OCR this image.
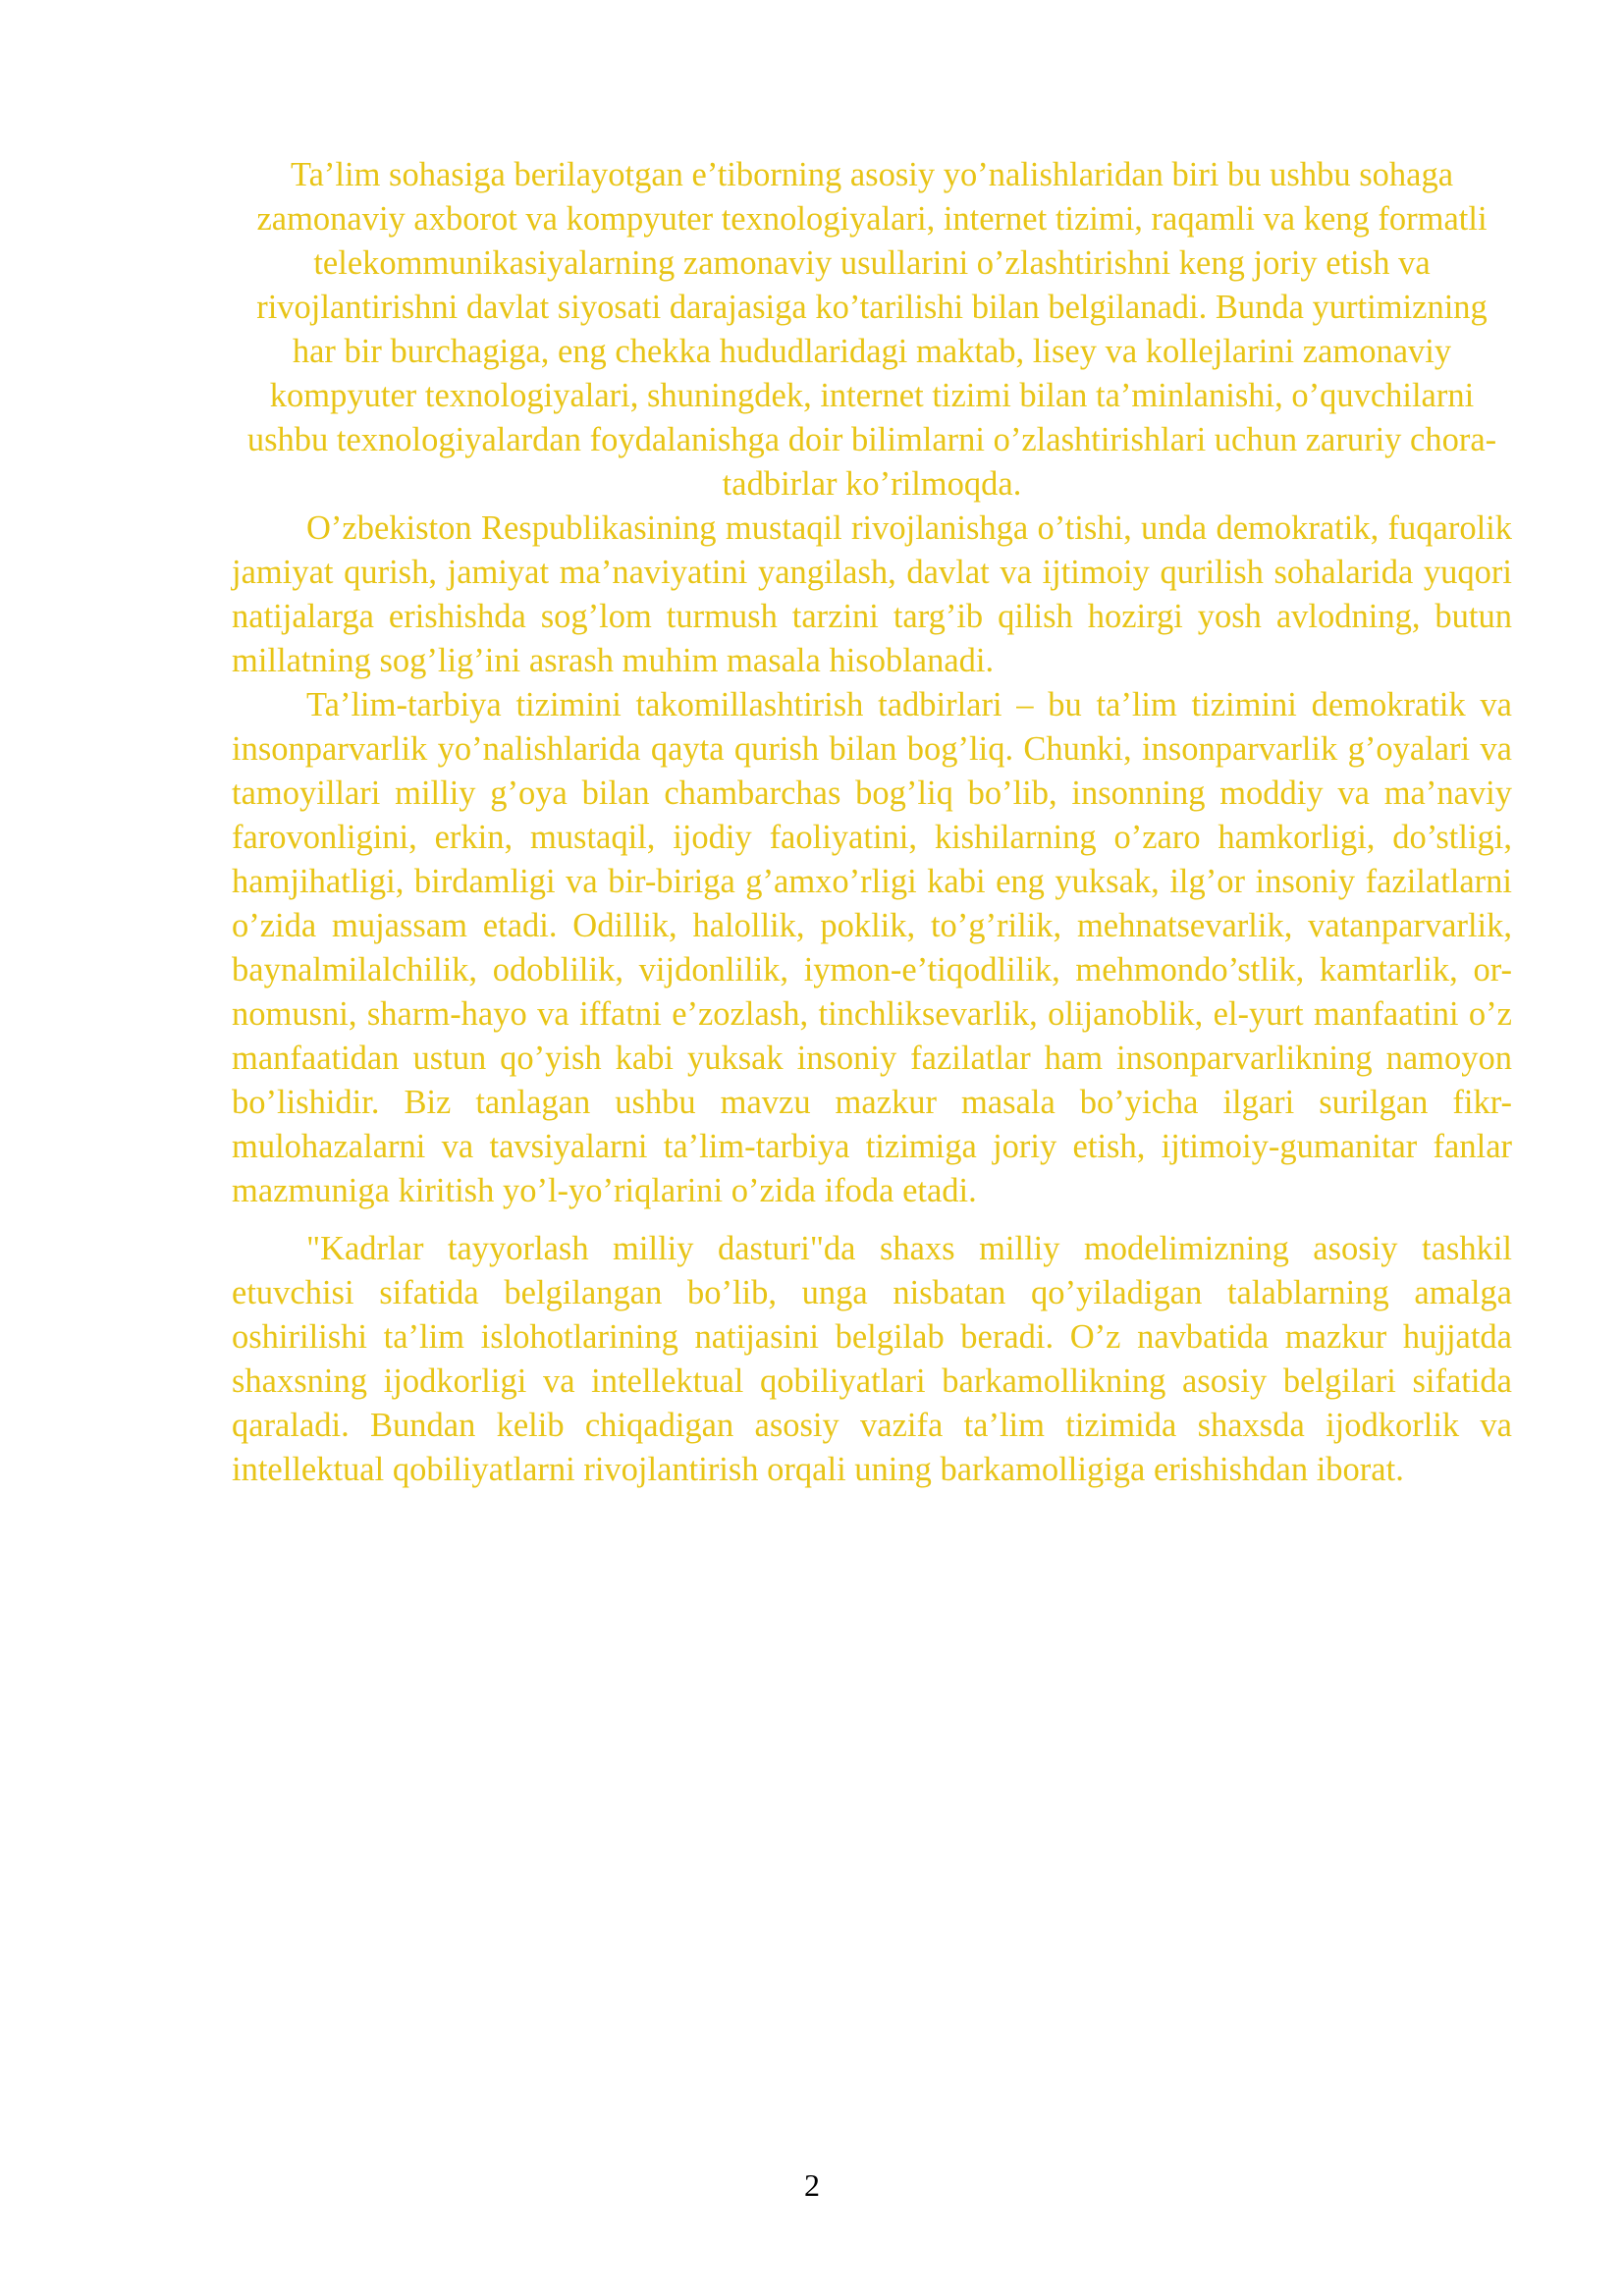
Ta’lim sohasiga berilayotgan e’tiborning asosiy yo’nalishlaridan biri bu ushbu sohaga zamonaviy axborot va kompyuter texnologiyalari, internet tizimi, raqamli va keng formatli telekommunikasiyalarning zamonaviy usullarini o’zlashtirishni keng joriy etish va rivojlantirishni davlat siyosati darajasiga ko’tarilishi bilan belgilanadi. Bunda yurtimizning har bir burchagiga, eng chekka hududlaridagi maktab, lisey va kollejlarini zamonaviy kompyuter texnologiyalari, shuningdek, internet tizimi bilan ta’minlanishi, o’quvchilarni ushbu texnologiyalardan foydalanishga doir bilimlarni o’zlashtirishlari uchun zaruriy chora-tadbirlar ko’rilmoqda.

O’zbekiston Respublikasining mustaqil rivojlanishga o’tishi, unda demokratik, fuqarolik jamiyat qurish, jamiyat ma’naviyatini yangilash, davlat va ijtimoiy qurilish sohalarida yuqori natijalarga erishishda sog’lom turmush tarzini targ’ib qilish hozirgi yosh avlodning, butun millatning sog’lig’ini asrash muhim masala hisoblanadi.

Ta’lim-tarbiya tizimini takomillashtirish tadbirlari – bu ta’lim tizimini demokratik va insonparvarlik yo’nalishlarida qayta qurish bilan bog’liq. Chunki, insonparvarlik g’oyalari va tamoyillari milliy g’oya bilan chambarchas bog’liq bo’lib, insonning moddiy va ma’naviy farovonligini, erkin, mustaqil, ijodiy faoliyatini, kishilarning o’zaro hamkorligi, do’stligi, hamjihatligi, birdamligi va bir-biriga g’amxo’rligi kabi eng yuksak, ilg’or insoniy fazilatlarni o’zida mujassam etadi. Odillik, halollik, poklik, to’g’rilik, mehnatsevarlik, vatanparvarlik, baynalmilalchilik, odoblilik, vijdonlilik, iymon-e’tiqodlilik, mehmondo’stlik, kamtarlik, or-nomusni, sharm-hayo va iffatni e’zozlash, tinchliksevarlik, olijanoblik, el-yurt manfaatini o’z manfaatidan ustun qo’yish kabi yuksak insoniy fazilatlar ham insonparvarlikning namoyon bo’lishidir. Biz tanlagan ushbu mavzu mazkur masala bo’yicha ilgari surilgan fikr-mulohazalarni va tavsiyalarni ta’lim-tarbiya tizimiga joriy etish, ijtimoiy-gumanitar fanlar mazmuniga kiritish yo’l-yo’riqlarini o’zida ifoda etadi.

"Kadrlar tayyorlash milliy dasturi"da shaxs milliy modelimizning asosiy tashkil etuvchisi sifatida belgilangan bo’lib, unga nisbatan qo’yiladigan talablarning amalga oshirilishi ta’lim islohotlarining natijasini belgilab beradi. O’z navbatida mazkur hujjatda shaxsning ijodkorligi va intellektual qobiliyatlari barkamollikning asosiy belgilari sifatida qaraladi. Bundan kelib chiqadigan asosiy vazifa ta’lim tizimida shaxsda ijodkorlik va intellektual qobiliyatlarni rivojlantirish orqali uning barkamolligiga erishishdan iborat.

2
